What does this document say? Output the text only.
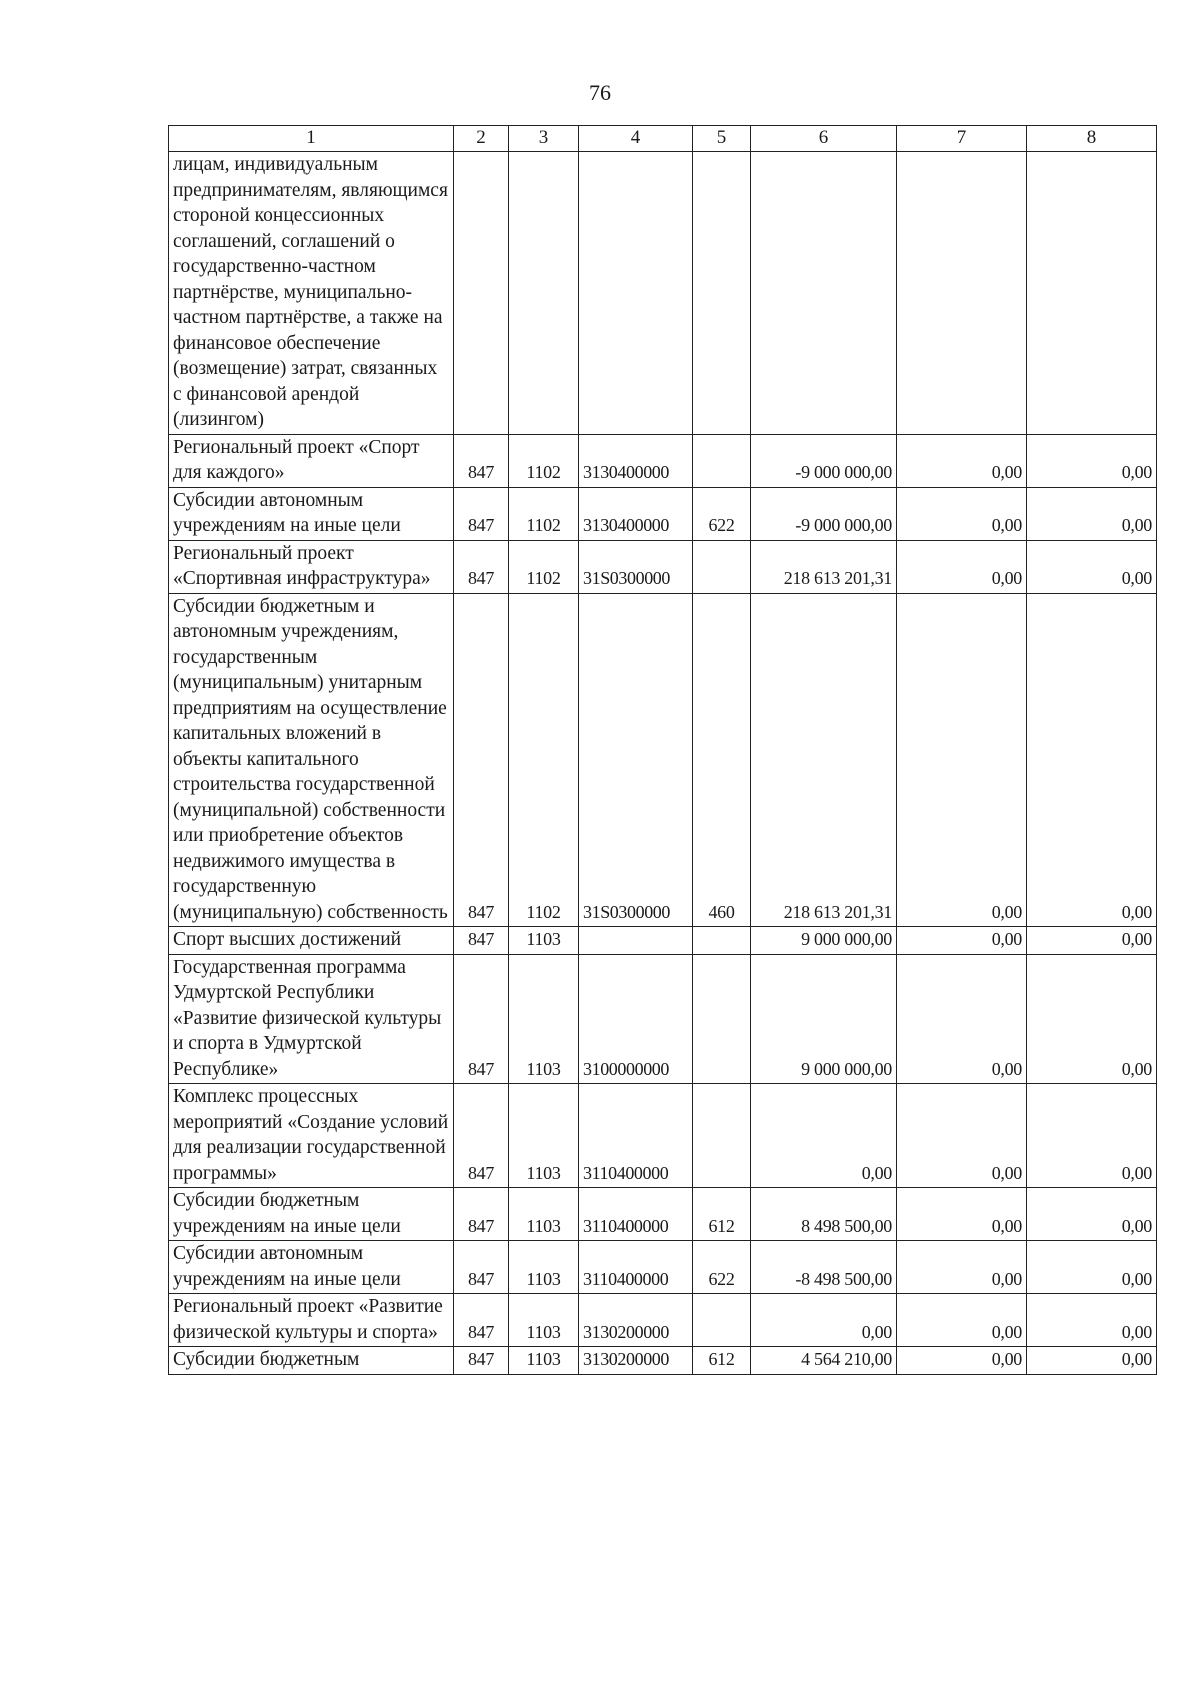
76
1	2	3	4	5	6	7	8
лицам, индивидуальным предпринимателям, являющимся стороной концессионных соглашений, соглашений о государственно-частном партнёрстве, муниципально-частном партнёрстве, а также на финансовое обеспечение (возмещение) затрат, связанных с финансовой арендой (лизингом)							
Региональный проект «Спорт для каждого»	847	1102	3130400000		-9 000 000,00	0,00	0,00
Субсидии автономным учреждениям на иные цели	847	1102	3130400000	622	-9 000 000,00	0,00	0,00
Региональный проект «Спортивная инфраструктура»	847	1102	31S0300000		218 613 201,31	0,00	0,00
Субсидии бюджетным и автономным учреждениям, государственным (муниципальным) унитарным предприятиям на осуществление капитальных вложений в объекты капитального строительства государственной (муниципальной) собственности или приобретение объектов недвижимого имущества в государственную (муниципальную) собственность	847	1102	31S0300000	460	218 613 201,31	0,00	0,00
Спорт высших достижений	847	1103			9 000 000,00	0,00	0,00
Государственная программа Удмуртской Республики «Развитие физической культуры и спорта в Удмуртской Республике»	847	1103	3100000000		9 000 000,00	0,00	0,00
Комплекс процессных мероприятий «Создание условий для реализации государственной программы»	847	1103	3110400000		0,00	0,00	0,00
Субсидии бюджетным учреждениям на иные цели	847	1103	3110400000	612	8 498 500,00	0,00	0,00
Субсидии автономным учреждениям на иные цели	847	1103	3110400000	622	-8 498 500,00	0,00	0,00
Региональный проект «Развитие физической культуры и спорта»	847	1103	3130200000		0,00	0,00	0,00
Субсидии бюджетным	847	1103	3130200000	612	4 564 210,00	0,00	0,00
